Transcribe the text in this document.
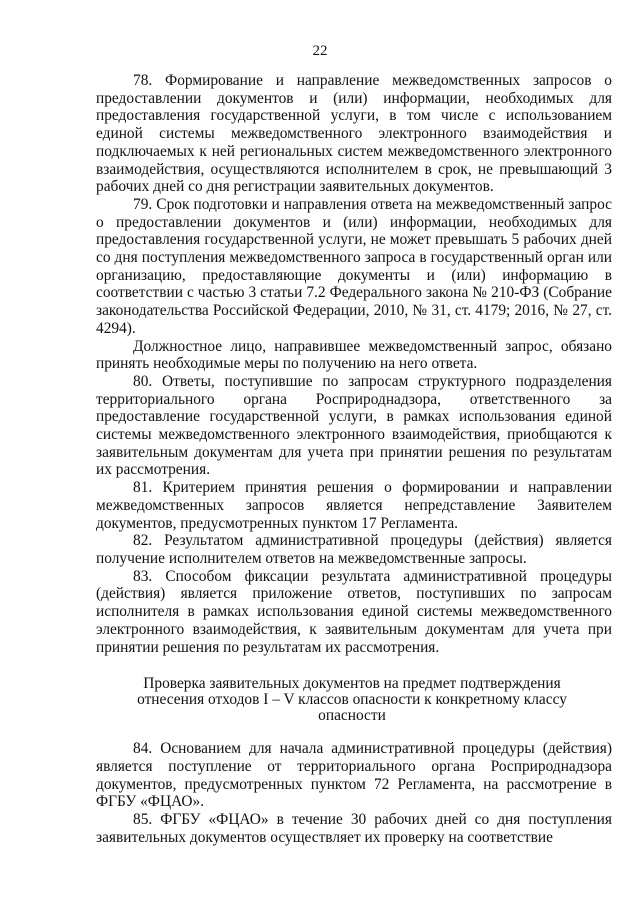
22

78. Формирование и направление межведомственных запросов о предоставлении документов и (или) информации, необходимых для предоставления государственной услуги, в том числе с использованием единой системы межведомственного электронного взаимодействия и подключаемых к ней региональных систем межведомственного электронного взаимодействия, осуществляются исполнителем в срок, не превышающий 3 рабочих дней со дня регистрации заявительных документов.

79. Срок подготовки и направления ответа на межведомственный запрос о предоставлении документов и (или) информации, необходимых для предоставления государственной услуги, не может превышать 5 рабочих дней со дня поступления межведомственного запроса в государственный орган или организацию, предоставляющие документы и (или) информацию в соответствии с частью 3 статьи 7.2 Федерального закона № 210-ФЗ (Собрание законодательства Российской Федерации, 2010, № 31, ст. 4179; 2016, № 27, ст. 4294).

Должностное лицо, направившее межведомственный запрос, обязано принять необходимые меры по получению на него ответа.

80. Ответы, поступившие по запросам структурного подразделения территориального органа Росприроднадзора, ответственного за предоставление государственной услуги, в рамках использования единой системы межведомственного электронного взаимодействия, приобщаются к заявительным документам для учета при принятии решения по результатам их рассмотрения.

81. Критерием принятия решения о формировании и направлении межведомственных запросов является непредставление Заявителем документов, предусмотренных пунктом 17 Регламента.

82. Результатом административной процедуры (действия) является получение исполнителем ответов на межведомственные запросы.

83. Способом фиксации результата административной процедуры (действия) является приложение ответов, поступивших по запросам исполнителя в рамках использования единой системы межведомственного электронного взаимодействия, к заявительным документам для учета при принятии решения по результатам их рассмотрения.

Проверка заявительных документов на предмет подтверждения отнесения отходов I – V классов опасности к конкретному классу опасности

84. Основанием для начала административной процедуры (действия) является поступление от территориального органа Росприроднадзора документов, предусмотренных пунктом 72 Регламента, на рассмотрение в ФГБУ «ФЦАО».

85. ФГБУ «ФЦАО» в течение 30 рабочих дней со дня поступления заявительных документов осуществляет их проверку на соответствие
